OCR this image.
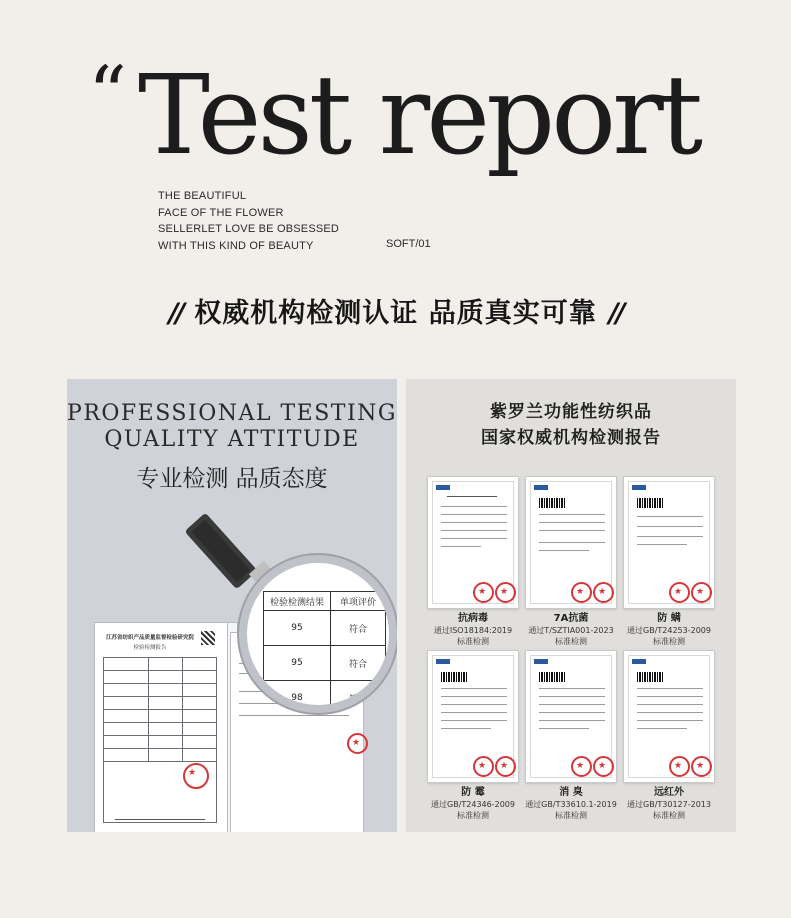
“ Test report
THE BEAUTIFUL
FACE OF THE FLOWER
SELLERLET LOVE BE OBSESSED
WITH THIS KIND OF BEAUTY	SOFT/01
// 权威机构检测认证 品质真实可靠 //
PROFESSIONAL TESTING
QUALITY ATTITUDE
专业检测 品质态度
★
江苏省纺织产品质量监督检验研究院
检验检测报告

★
检验检测结果	单项评价
95	符合
95	符合
98	符合
紫罗兰功能性纺织品
国家权威机构检测报告
★
★
★
★
★
★
抗病毒
通过ISO18184:2019
标准检测
7A抗菌
通过T/SZTIA001-2023
标准检测
防 螨
通过GB/T24253-2009
标准检测
★
★
★
★
★
★
防 霉
通过GB/T24346-2009
标准检测
消 臭
通过GB/T33610.1-2019
标准检测
远红外
通过GB/T30127-2013
标准检测
